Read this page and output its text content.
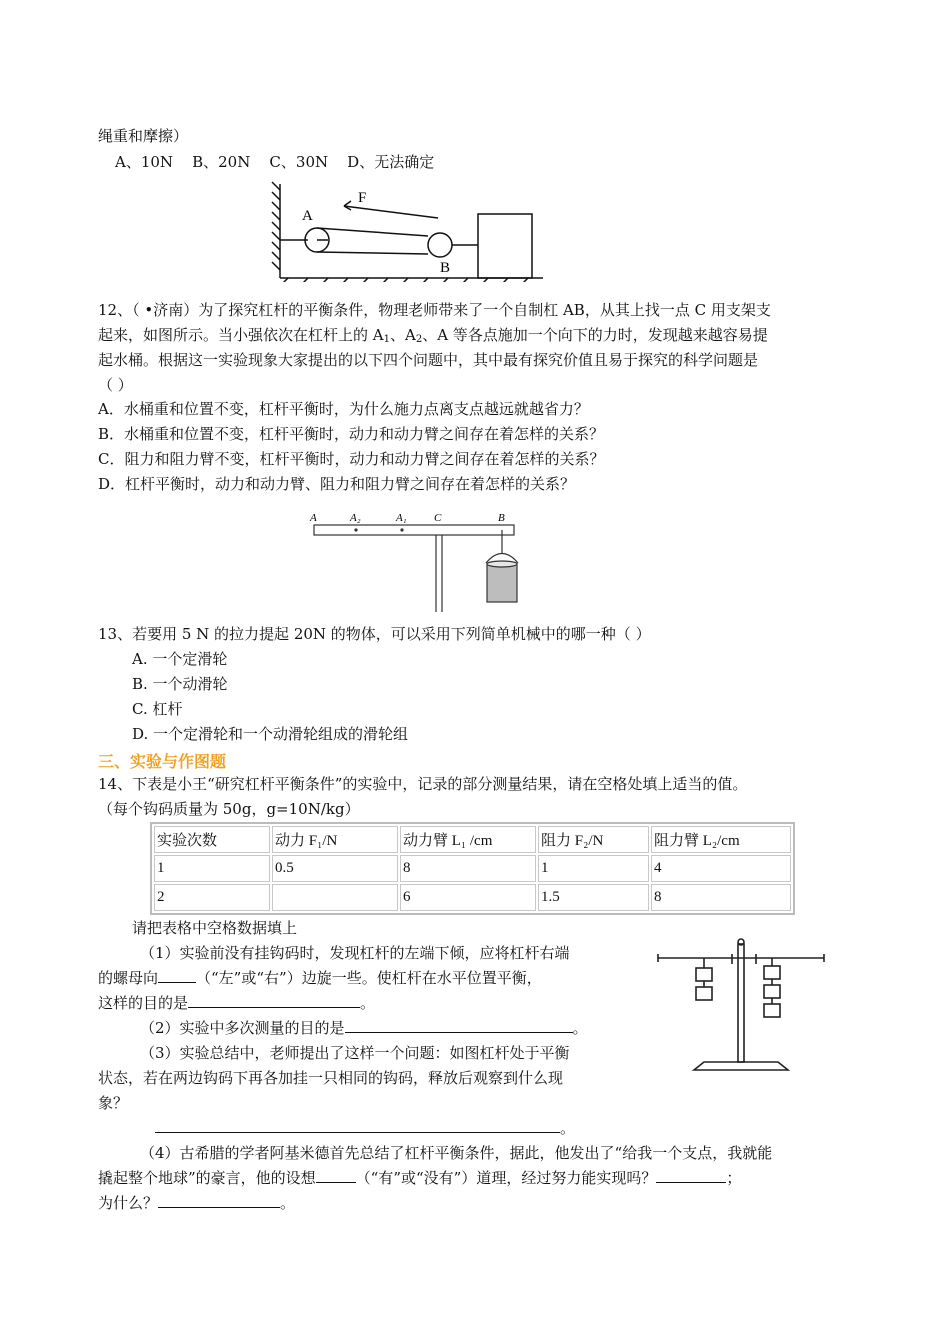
绳重和摩擦）
A、10N    B、20N    C、30N    D、无法确定
A
F
B
12、（ •济南）为了探究杠杆的平衡条件，物理老师带来了一个自制杠 AB，从其上找一点 C 用支架支
起来，如图所示。当小强依次在杠杆上的 $A_1$、$A_2$、A 等各点施加一个向下的力时，发现越来越容易提
起水桶。根据这一实验现象大家提出的以下四个问题中，其中最有探究价值且易于探究的科学问题是
（ ）
A．水桶重和位置不变，杠杆平衡时，为什么施力点离支点越远就越省力？
B．水桶重和位置不变，杠杆平衡时，动力和动力臂之间存在着怎样的关系？
C．阻力和阻力臂不变，杠杆平衡时，动力和动力臂之间存在着怎样的关系？
D．杠杆平衡时，动力和动力臂、阻力和阻力臂之间存在着怎样的关系？
A	A₂	A₁ C	B
13、若要用 5 N 的拉力提起 20N 的物体，可以采用下列简单机械中的哪一种（ ）
A. 一个定滑轮
B. 一个动滑轮
C. 杠杆
D. 一个定滑轮和一个动滑轮组成的滑轮组
三、实验与作图题
14、下表是小王“研究杠杆平衡条件”的实验中，记录的部分测量结果，请在空格处填上适当的值。
（每个钩码质量为 50g，g=10N/kg）
实验次数	动力 F₁/N	动力臂 L₁ /cm	阻力 F₂/N	阻力臂 L₂/cm
1	0.5	8	1	4
2		6	1.5	8
请把表格中空格数据填上
（1）实验前没有挂钩码时，发现杠杆的左端下倾，应将杠杆右端
的螺母向	（“左”或“右”）边旋一些。使杠杆在水平位置平衡，
这样的目的是	。
（2）实验中多次测量的目的是	。
（3）实验总结中，老师提出了这样一个问题：如图杠杆处于平衡
状态，若在两边钩码下再各加挂一只相同的钩码，释放后观察到什么现
象？
。
（4）古希腊的学者阿基米德首先总结了杠杆平衡条件，据此，他发出了“给我一个支点，我就能
撬起整个地球”的豪言，他的设想	（“有”或“没有”）道理，经过努力能实现吗？	；
为什么？	。
